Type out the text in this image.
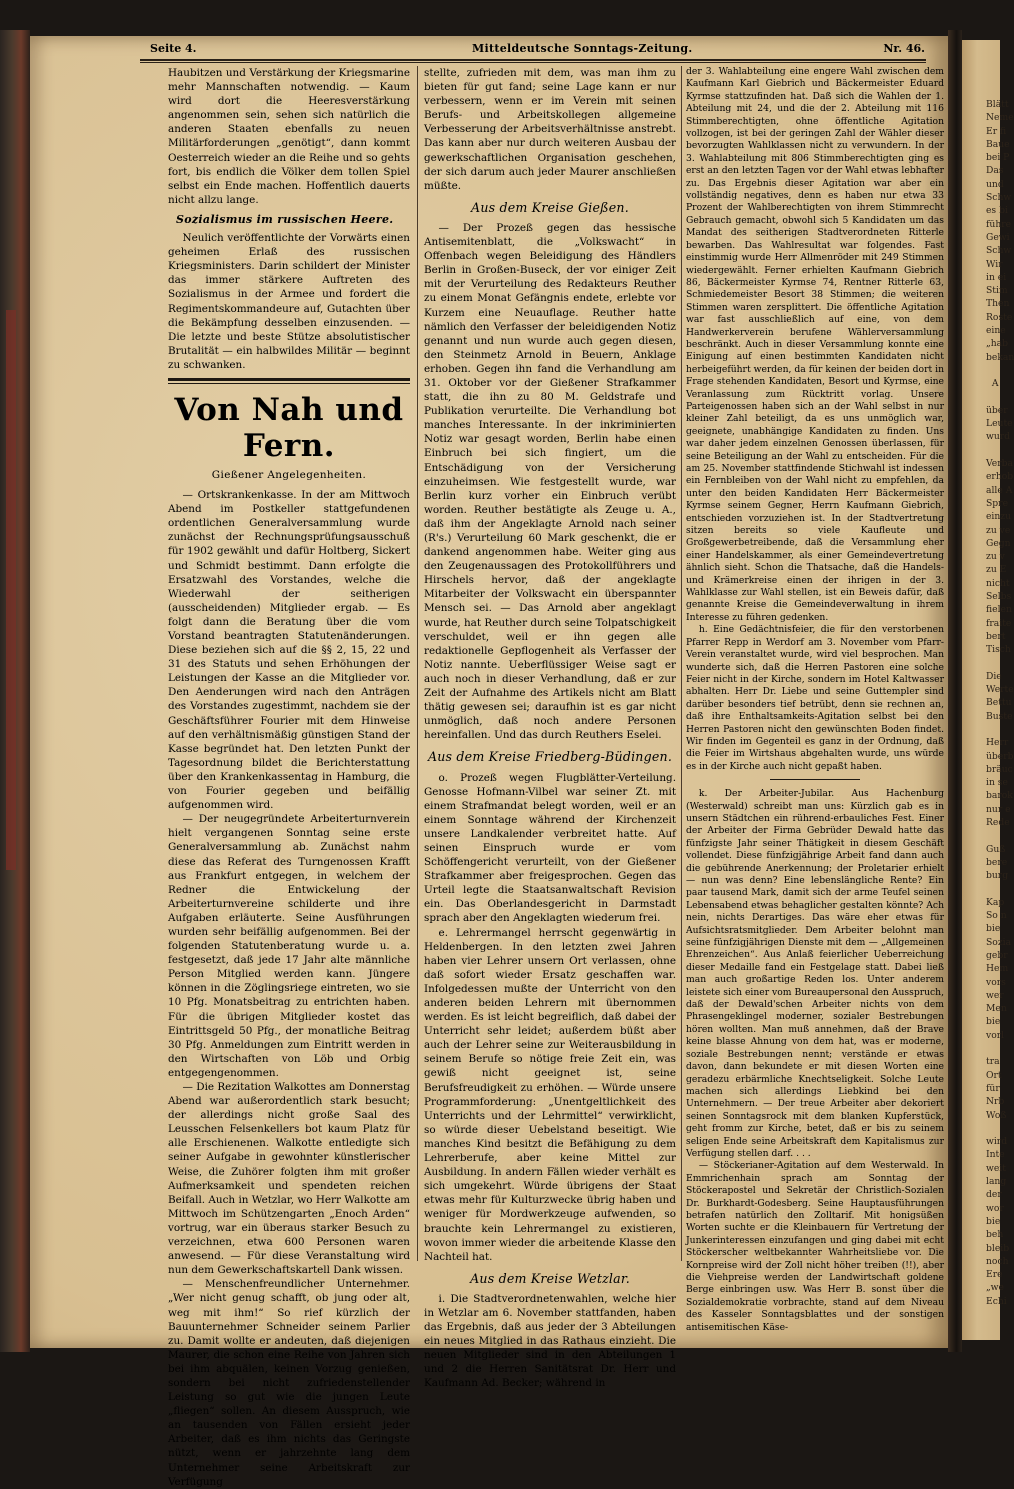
Blätt
Neme
Er fi
Baue
bei P
Das
und
Schw
es bi
führe
Gewi
Schw
Wir
in ei
Stim
Then
Roste
eine
„hab
bekan

A

über
Leute
wurd

Verba
erhob
alle A
Spre
einzu
zu ve
Gegn
zu v
zu E
nicht
Selbs
fielen
fraite
bert
Tisch

Die
Werte
Bettu
Buste

Herr
überb
bräuc
in se
barok
nur e
Rede

Guß
bere
burg

Kap
So n
bie
Sozia
gebr
Hem
vors
wer
Men
bie
vorl

tra
Ort
für
Nrb
Woß

wird
Inte
weit
lang
der
wor
bie
beh
bleib
noch
Ere
„we
Echi
Seite 4.	Mitteldeutsche Sonntags-Zeitung.	Nr. 46.

Haubitzen und Verstärkung der Kriegsmarine mehr Mannschaften notwendig. — Kaum wird dort die Heeresverstärkung angenommen sein, sehen sich natürlich die anderen Staaten ebenfalls zu neuen Militärforderungen „genötigt“, dann kommt Oesterreich wieder an die Reihe und so gehts fort, bis endlich die Völker dem tollen Spiel selbst ein Ende machen. Hoffentlich dauerts nicht allzu lange.

Sozialismus im russischen Heere.

Neulich veröffentlichte der Vorwärts einen geheimen Erlaß des russischen Kriegsministers. Darin schildert der Minister das immer stärkere Auftreten des Sozialismus in der Armee und fordert die Regimentskommandeure auf, Gutachten über die Bekämpfung desselben einzusenden. — Die letzte und beste Stütze absolutistischer Brutalität — ein halbwildes Militär — beginnt zu schwanken.

Von Nah und Fern.
Gießener Angelegenheiten.

— Ortskrankenkasse. In der am Mittwoch Abend im Postkeller stattgefundenen ordentlichen Generalversammlung wurde zunächst der Rechnungsprüfungsausschuß für 1902 gewählt und dafür Holtberg, Sickert und Schmidt bestimmt. Dann erfolgte die Ersatzwahl des Vorstandes, welche die Wiederwahl der seitherigen (ausscheidenden) Mitglieder ergab. — Es folgt dann die Beratung über die vom Vorstand beantragten Statutenänderungen. Diese beziehen sich auf die §§ 2, 15, 22 und 31 des Statuts und sehen Erhöhungen der Leistungen der Kasse an die Mitglieder vor. Den Aenderungen wird nach den Anträgen des Vorstandes zugestimmt, nachdem sie der Geschäftsführer Fourier mit dem Hinweise auf den verhältnismäßig günstigen Stand der Kasse begründet hat. Den letzten Punkt der Tagesordnung bildet die Berichterstattung über den Krankenkassentag in Hamburg, die von Fourier gegeben und beifällig aufgenommen wird.

— Der neugegründete Arbeiterturnverein hielt vergangenen Sonntag seine erste Generalversammlung ab. Zunächst nahm diese das Referat des Turngenossen Krafft aus Frankfurt entgegen, in welchem der Redner die Entwickelung der Arbeiterturnvereine schilderte und ihre Aufgaben erläuterte. Seine Ausführungen wurden sehr beifällig aufgenommen. Bei der folgenden Statutenberatung wurde u. a. festgesetzt, daß jede 17 Jahr alte männliche Person Mitglied werden kann. Jüngere können in die Zöglingsriege eintreten, wo sie 10 Pfg. Monatsbeitrag zu entrichten haben. Für die übrigen Mitglieder kostet das Eintrittsgeld 50 Pfg., der monatliche Beitrag 30 Pfg. Anmeldungen zum Eintritt werden in den Wirtschaften von Löb und Orbig entgegengenommen.

— Die Rezitation Walkottes am Donnerstag Abend war außerordentlich stark besucht; der allerdings nicht große Saal des Leusschen Felsenkellers bot kaum Platz für alle Erschienenen. Walkotte entledigte sich seiner Aufgabe in gewohnter künstlerischer Weise, die Zuhörer folgten ihm mit großer Aufmerksamkeit und spendeten reichen Beifall. Auch in Wetzlar, wo Herr Walkotte am Mittwoch im Schützengarten „Enoch Arden“ vortrug, war ein überaus starker Besuch zu verzeichnen, etwa 600 Personen waren anwesend. — Für diese Veranstaltung wird nun dem Gewerkschaftskartell Dank wissen.

— Menschenfreundlicher Unternehmer. „Wer nicht genug schafft, ob jung oder alt, weg mit ihm!“ So rief kürzlich der Bauunternehmer Schneider seinem Parlier zu. Damit wollte er andeuten, daß diejenigen Maurer, die schon eine Reihe von Jahren sich bei ihm abquälen, keinen Vorzug genießen, sondern bei nicht zufriedenstellender Leistung so gut wie die jungen Leute „fliegen“ sollen. An diesem Ausspruch, wie an tausenden von Fällen ersieht jeder Arbeiter, daß es ihm nichts das Geringste nützt, wenn er jahrzehnte lang dem Unternehmer seine Arbeitskraft zur Verfügung

stellte, zufrieden mit dem, was man ihm zu bieten für gut fand; seine Lage kann er nur verbessern, wenn er im Verein mit seinen Berufs- und Arbeitskollegen allgemeine Verbesserung der Arbeitsverhältnisse anstrebt. Das kann aber nur durch weiteren Ausbau der gewerkschaftlichen Organisation geschehen, der sich darum auch jeder Maurer anschließen müßte.

Aus dem Kreise Gießen.

— Der Prozeß gegen das hessische Antisemitenblatt, die „Volkswacht“ in Offenbach wegen Beleidigung des Händlers Berlin in Großen-Buseck, der vor einiger Zeit mit der Verurteilung des Redakteurs Reuther zu einem Monat Gefängnis endete, erlebte vor Kurzem eine Neuauflage. Reuther hatte nämlich den Verfasser der beleidigenden Notiz genannt und nun wurde auch gegen diesen, den Steinmetz Arnold in Beuern, Anklage erhoben. Gegen ihn fand die Verhandlung am 31. Oktober vor der Gießener Strafkammer statt, die ihn zu 80 M. Geldstrafe und Publikation verurteilte. Die Verhandlung bot manches Interessante. In der inkriminierten Notiz war gesagt worden, Berlin habe einen Einbruch bei sich fingiert, um die Entschädigung von der Versicherung einzuheimsen. Wie festgestellt wurde, war Berlin kurz vorher ein Einbruch verübt worden. Reuther bestätigte als Zeuge u. A., daß ihm der Angeklagte Arnold nach seiner (R's.) Verurteilung 60 Mark geschenkt, die er dankend angenommen habe. Weiter ging aus den Zeugenaussagen des Protokollführers und Hirschels hervor, daß der angeklagte Mitarbeiter der Volkswacht ein überspannter Mensch sei. — Das Arnold aber angeklagt wurde, hat Reuther durch seine Tolpatschigkeit verschuldet, weil er ihn gegen alle redaktionelle Gepflogenheit als Verfasser der Notiz nannte. Ueberflüssiger Weise sagt er auch noch in dieser Verhandlung, daß er zur Zeit der Aufnahme des Artikels nicht am Blatt thätig gewesen sei; daraufhin ist es gar nicht unmöglich, daß noch andere Personen hereinfallen. Und das durch Reuthers Eselei.

Aus dem Kreise Friedberg-Büdingen.

o. Prozeß wegen Flugblätter-Verteilung. Genosse Hofmann-Vilbel war seiner Zt. mit einem Strafmandat belegt worden, weil er an einem Sonntage während der Kirchenzeit unsere Landkalender verbreitet hatte. Auf seinen Einspruch wurde er vom Schöffengericht verurteilt, von der Gießener Strafkammer aber freigesprochen. Gegen das Urteil legte die Staatsanwaltschaft Revision ein. Das Oberlandesgericht in Darmstadt sprach aber den Angeklagten wiederum frei.

e. Lehrermangel herrscht gegenwärtig in Heldenbergen. In den letzten zwei Jahren haben vier Lehrer unsern Ort verlassen, ohne daß sofort wieder Ersatz geschaffen war. Infolgedessen mußte der Unterricht von den anderen beiden Lehrern mit übernommen werden. Es ist leicht begreiflich, daß dabei der Unterricht sehr leidet; außerdem büßt aber auch der Lehrer seine zur Weiterausbildung in seinem Berufe so nötige freie Zeit ein, was gewiß nicht geeignet ist, seine Berufsfreudigkeit zu erhöhen. — Würde unsere Programmforderung: „Unentgeltlichkeit des Unterrichts und der Lehrmittel“ verwirklicht, so würde dieser Uebelstand beseitigt. Wie manches Kind besitzt die Befähigung zu dem Lehrerberufe, aber keine Mittel zur Ausbildung. In andern Fällen wieder verhält es sich umgekehrt. Würde übrigens der Staat etwas mehr für Kulturzwecke übrig haben und weniger für Mordwerkzeuge aufwenden, so brauchte kein Lehrermangel zu existieren, wovon immer wieder die arbeitende Klasse den Nachteil hat.

Aus dem Kreise Wetzlar.

i. Die Stadtverordnetenwahlen, welche hier in Wetzlar am 6. November stattfanden, haben das Ergebnis, daß aus jeder der 3 Abteilungen ein neues Mitglied in das Rathaus einzieht. Die neuen Mitglieder sind in den Abteilungen 1 und 2 die Herren Sanitätsrat Dr. Herr und Kaufmann Ad. Becker; während in

der 3. Wahlabteilung eine engere Wahl zwischen dem Kaufmann Karl Giebrich und Bäckermeister Eduard Kyrmse stattzufinden hat. Daß sich die Wahlen der 1. Abteilung mit 24, und die der 2. Abteilung mit 116 Stimmberechtigten, ohne öffentliche Agitation vollzogen, ist bei der geringen Zahl der Wähler dieser bevorzugten Wahlklassen nicht zu verwundern. In der 3. Wahlabteilung mit 806 Stimmberechtigten ging es erst an den letzten Tagen vor der Wahl etwas lebhafter zu. Das Ergebnis dieser Agitation war aber ein vollständig negatives, denn es haben nur etwa 33 Prozent der Wahlberechtigten von ihrem Stimmrecht Gebrauch gemacht, obwohl sich 5 Kandidaten um das Mandat des seitherigen Stadtverordneten Ritterle bewarben. Das Wahlresultat war folgendes. Fast einstimmig wurde Herr Allmenröder mit 249 Stimmen wiedergewählt. Ferner erhielten Kaufmann Giebrich 86, Bäckermeister Kyrmse 74, Rentner Ritterle 63, Schmiedemeister Besort 38 Stimmen; die weiteren Stimmen waren zersplittert. Die öffentliche Agitation war fast ausschließlich auf eine, von dem Handwerkerverein berufene Wählerversammlung beschränkt. Auch in dieser Versammlung konnte eine Einigung auf einen bestimmten Kandidaten nicht herbeigeführt werden, da für keinen der beiden dort in Frage stehenden Kandidaten, Besort und Kyrmse, eine Veranlassung zum Rücktritt vorlag. Unsere Parteigenossen haben sich an der Wahl selbst in nur kleiner Zahl beteiligt, da es uns unmöglich war, geeignete, unabhängige Kandidaten zu finden. Uns war daher jedem einzelnen Genossen überlassen, für seine Beteiligung an der Wahl zu entscheiden. Für die am 25. November stattfindende Stichwahl ist indessen ein Fernbleiben von der Wahl nicht zu empfehlen, da unter den beiden Kandidaten Herr Bäckermeister Kyrmse seinem Gegner, Herrn Kaufmann Giebrich, entschieden vorzuziehen ist. In der Stadtvertretung sitzen bereits so viele Kaufleute und Großgewerbetreibende, daß die Versammlung eher einer Handelskammer, als einer Gemeindevertretung ähnlich sieht. Schon die Thatsache, daß die Handels- und Krämerkreise einen der ihrigen in der 3. Wahlklasse zur Wahl stellen, ist ein Beweis dafür, daß genannte Kreise die Gemeindeverwaltung in ihrem Interesse zu führen gedenken.

h. Eine Gedächtnisfeier, die für den verstorbenen Pfarrer Repp in Werdorf am 3. November vom Pfarr-Verein veranstaltet wurde, wird viel besprochen. Man wunderte sich, daß die Herren Pastoren eine solche Feier nicht in der Kirche, sondern im Hotel Kaltwasser abhalten. Herr Dr. Liebe und seine Guttempler sind darüber besonders tief betrübt, denn sie rechnen an, daß ihre Enthaltsamkeits-Agitation selbst bei den Herren Pastoren nicht den gewünschten Boden findet. Wir finden im Gegenteil es ganz in der Ordnung, daß die Feier im Wirtshaus abgehalten wurde, uns würde es in der Kirche auch nicht gepaßt haben.

k. Der Arbeiter-Jubilar. Aus Hachenburg (Westerwald) schreibt man uns: Kürzlich gab es in unsern Städtchen ein rührend-erbauliches Fest. Einer der Arbeiter der Firma Gebrüder Dewald hatte das fünfzigste Jahr seiner Thätigkeit in diesem Geschäft vollendet. Diese fünfzigjährige Arbeit fand dann auch die gebührende Anerkennung; der Proletarier erhielt — nun was denn? Eine lebenslängliche Rente? Ein paar tausend Mark, damit sich der arme Teufel seinen Lebensabend etwas behaglicher gestalten könnte? Ach nein, nichts Derartiges. Das wäre eher etwas für Aufsichtsratsmitglieder. Dem Arbeiter belohnt man seine fünfzigjährigen Dienste mit dem — „Allgemeinen Ehrenzeichen“. Aus Anlaß feierlicher Ueberreichung dieser Medaille fand ein Festgelage statt. Dabei ließ man auch großartige Reden los. Unter anderem leistete sich einer vom Bureaupersonal den Ausspruch, daß der Dewald'schen Arbeiter nichts von dem Phrasengeklingel moderner, sozialer Bestrebungen hören wollten. Man muß annehmen, daß der Brave keine blasse Ahnung von dem hat, was er moderne, soziale Bestrebungen nennt; verstände er etwas davon, dann bekundete er mit diesen Worten eine geradezu erbärmliche Knechtseligkeit. Solche Leute machen sich allerdings Liebkind bei den Unternehmern. — Der treue Arbeiter aber dekoriert seinen Sonntagsrock mit dem blanken Kupferstück, geht fromm zur Kirche, betet, daß er bis zu seinem seligen Ende seine Arbeitskraft dem Kapitalismus zur Verfügung stellen darf. . . .

— Stöckerianer-Agitation auf dem Westerwald. In Emmrichenhain sprach am Sonntag der Stöckerapostel und Sekretär der Christlich-Sozialen Dr. Burkhardt-Godesberg. Seine Hauptausführungen betrafen natürlich den Zolltarif. Mit honigsüßen Worten suchte er die Kleinbauern für Vertretung der Junkerinteressen einzufangen und ging dabei mit echt Stöckerscher weltbekannter Wahrheitsliebe vor. Die Kornpreise wird der Zoll nicht höher treiben (!!), aber die Viehpreise werden der Landwirtschaft goldene Berge einbringen usw. Was Herr B. sonst über die Sozialdemokratie vorbrachte, stand auf dem Niveau des Kasseler Sonntagsblattes und der sonstigen antisemitischen Käse-
